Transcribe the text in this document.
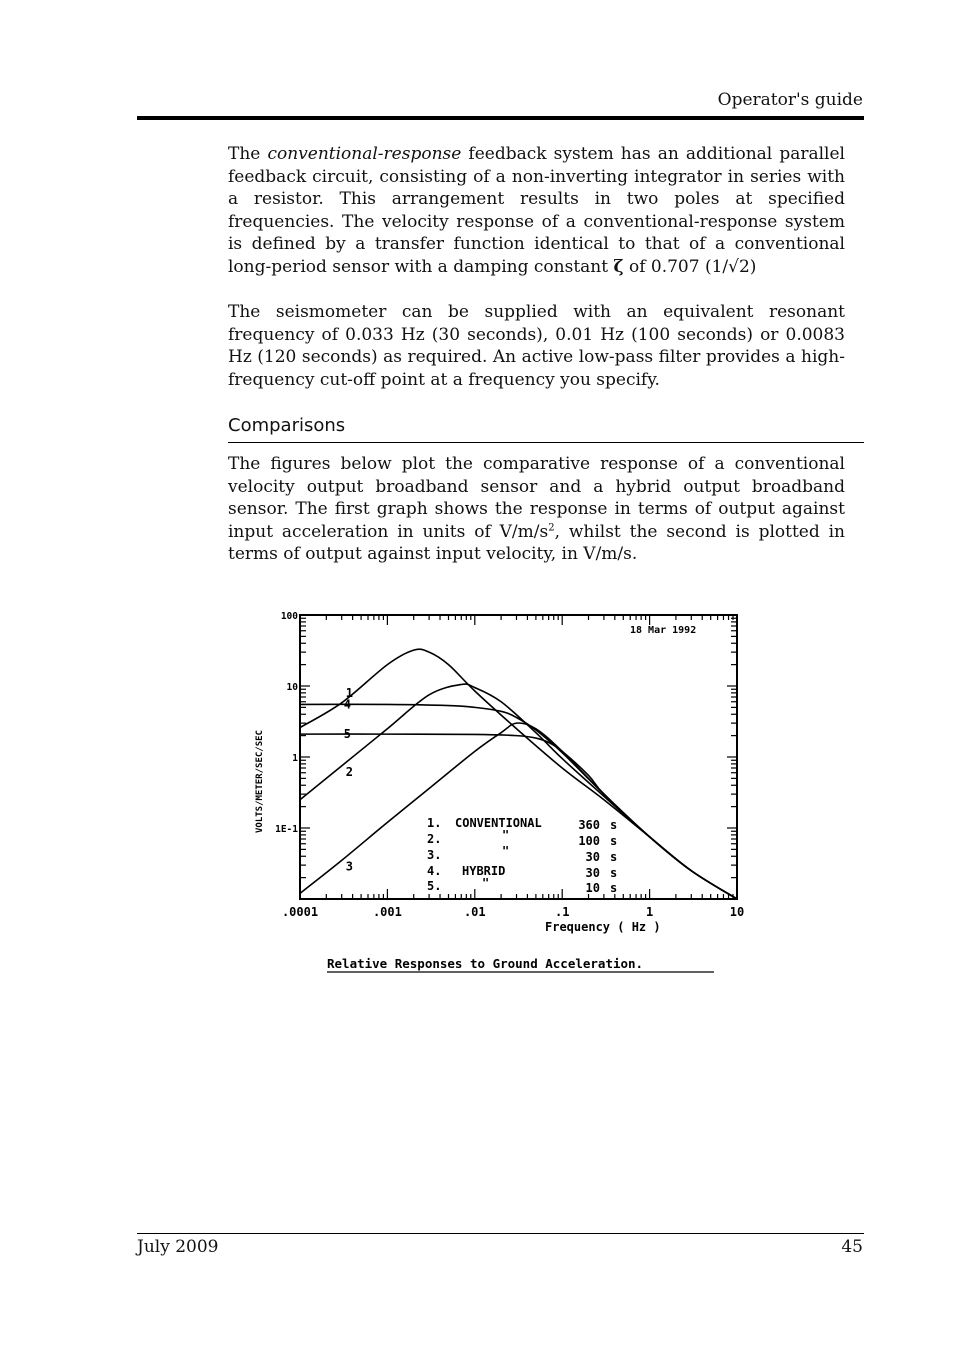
Operator's guide
The conventional-response feedback system has an additional parallel feedback circuit, consisting of a non-inverting integrator in series with a resistor. This arrangement results in two poles at specified frequencies. The velocity response of a conventional-response system is defined by a transfer function identical to that of a conventional long-period sensor with a damping constant ζ of 0.707 (1/√2)
The seismometer can be supplied with an equivalent resonant frequency of 0.033 Hz (30 seconds), 0.01 Hz (100 seconds) or 0.0083 Hz (120 seconds) as required. An active low-pass filter provides a high-frequency cut-off point at a frequency you specify.
Comparisons
The figures below plot the comparative response of a conventional velocity output broadband sensor and a hybrid output broadband sensor. The first graph shows the response in terms of output against input acceleration in units of $V/m/s^2$, whilst the second is plotted in terms of output against input velocity, in V/m/s.
1
2
3
4
5
.0001	.001	.01	.1	1	10
100
10
1
1E-1
18 Mar 1992
VOLTS/METER/SEC/SEC
Frequency ( Hz )
1. CONVENTIONAL	360 s
2.	"	100 s
3.	"	30 s
4. HYBRID	30 s
5.	"	10 s
Relative Responses to Ground Acceleration.
July 2009	45
